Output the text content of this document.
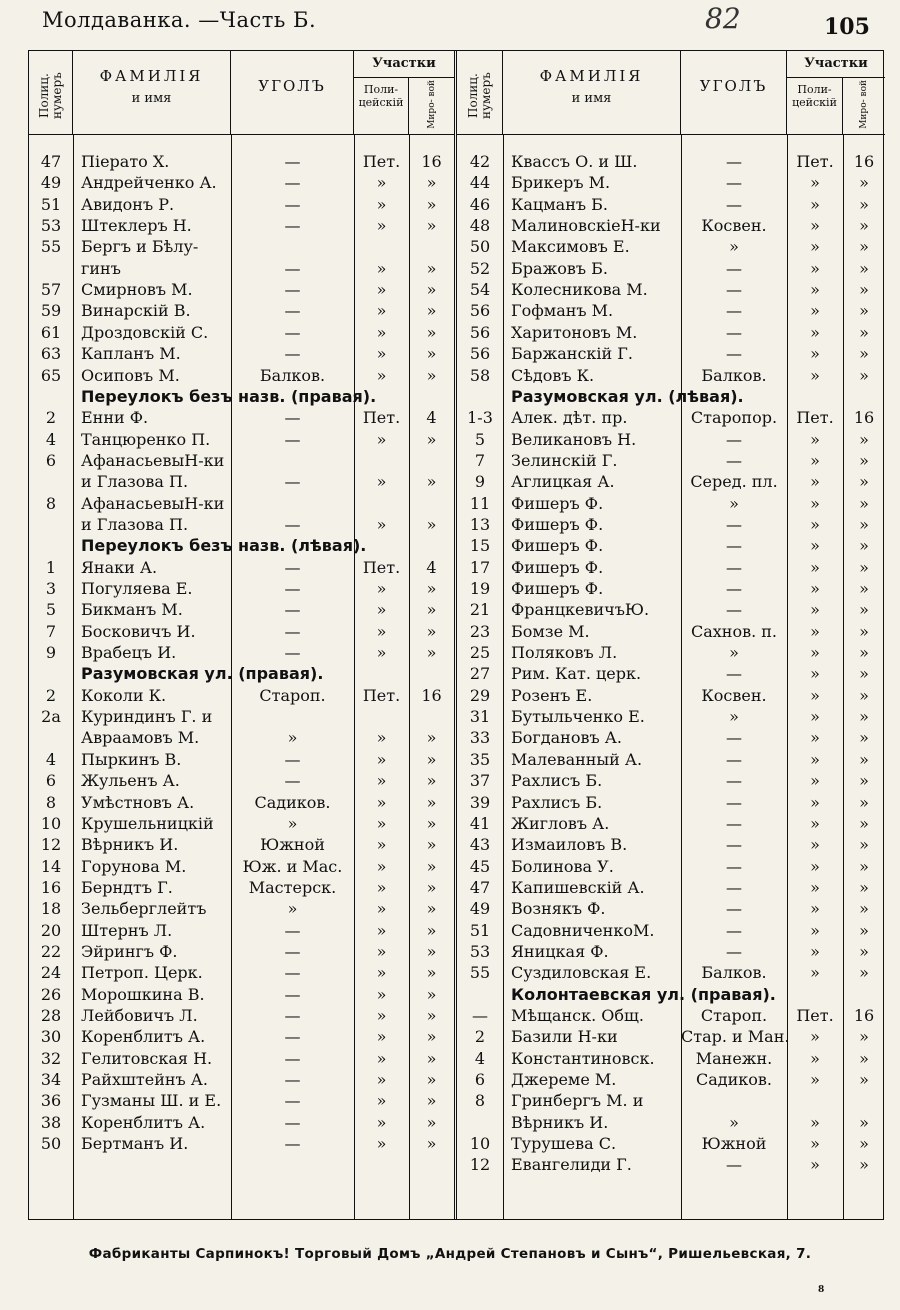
Молдаванка. —Часть Б.	82	105
Полиц. нумеръ	ФАМИЛІЯ
и имя
УГОЛЪ
Участки
Поли- цейскій	Миро- вой
47	Піерато X.	—	Пет.	16
49	Андрейченко А.	—	»	»
51	Авидонъ Р.	—	»	»
53	Штеклеръ Н.	—	»	»
55	Бергъ и Бѣлу-
гинъ	—	»	»
57	Смирновъ М.	—	»	»
59	Винарскій В.	—	»	»
61	Дроздовскій С.	—	»	»
63	Капланъ М.	—	»	»
65	Осиповъ М.	Балков.	»	»
Переулокъ безъ назв. (правая).
2	Енни Ф.	—	Пет.	4
4	Танцюренко П.	—	»	»
6	АфанасьевыН-ки
и Глазова П.	—	»	»
8	АфанасьевыН-ки
и Глазова П.	—	»	»
Переулокъ безъ назв. (лѣвая).
1	Янаки А.	—	Пет.	4
3	Погуляева Е.	—	»	»
5	Бикманъ М.	—	»	»
7	Босковичъ И.	—	»	»
9	Врабецъ И.	—	»	»
Разумовская ул. (правая).
2	Коколи К.	Староп.	Пет.	16
2а	Куриндинъ Г. и
Авраамовъ М.	»	»	»
4	Пыркинъ В.	—	»	»
6	Жульенъ А.	—	»	»
8	Умѣстновъ А.	Садиков.	»	»
10	Крушельницкій	»	»	»
12	Вѣрникъ И.	Южной	»	»
14	Горунова М.	Юж. и Мас.	»	»
16	Берндтъ Г.	Мастерск.	»	»
18	Зельберглейтъ	»	»	»
20	Штернъ Л.	—	»	»
22	Эйрингъ Ф.	—	»	»
24	Петроп. Церк.	—	»	»
26	Морошкина В.	—	»	»
28	Лейбовичъ Л.	—	»	»
30	Коренблитъ А.	—	»	»
32	Гелитовская Н.	—	»	»
34	Райхштейнъ А.	—	»	»
36	Гузманы Ш. и Е.	—	»	»
38	Коренблитъ А.	—	»	»
50	Бертманъ И.	—	»	»
Полиц. нумеръ	ФАМИЛІЯ
и имя
УГОЛЪ
Участки
Поли- цейскій	Миро- вой
42	Квассъ О. и Ш.	—	Пет.	16
44	Брикеръ М.	—	»	»
46	Кацманъ Б.	—	»	»
48	МалиновскіеН-ки	Косвен.	»	»
50	Максимовъ Е.	»	»	»
52	Бражовъ Б.	—	»	»
54	Колесникова М.	—	»	»
56	Гофманъ М.	—	»	»
56	Харитоновъ М.	—	»	»
56	Баржанскій Г.	—	»	»
58	Сѣдовъ К.	Балков.	»	»
Разумовская ул. (лѣвая).
1-3	Алек. дѣт. пр.	Старопор.	Пет.	16
5	Великановъ Н.	—	»	»
7	Зелинскій Г.	—	»	»
9	Аглицкая А.	Серед. пл.	»	»
11	Фишеръ Ф.	»	»	»
13	Фишеръ Ф.	—	»	»
15	Фишеръ Ф.	—	»	»
17	Фишеръ Ф.	—	»	»
19	Фишеръ Ф.	—	»	»
21	ФранцкевичъЮ.	—	»	»
23	Бомзе М.	Сахнов. п.	»	»
25	Поляковъ Л.	»	»	»
27	Рим. Кат. церк.	—	»	»
29	Розенъ Е.	Косвен.	»	»
31	Бутыльченко Е.	»	»	»
33	Богдановъ А.	—	»	»
35	Малеванный А.	—	»	»
37	Рахлисъ Б.	—	»	»
39	Рахлисъ Б.	—	»	»
41	Жигловъ А.	—	»	»
43	Измаиловъ В.	—	»	»
45	Болинова У.	—	»	»
47	Капишевскій А.	—	»	»
49	Вознякъ Ф.	—	»	»
51	СадовниченкоМ.	—	»	»
53	Яницкая Ф.	—	»	»
55	Суздиловская Е.	Балков.	»	»
Колонтаевская ул. (правая).
—	Мѣщанск. Общ.	Староп.	Пет.	16
2	Базили Н-ки	Стар. и Ман.	»	»
4	Константиновск.	Манежн.	»	»
6	Джереме М.	Садиков.	»	»
8	Гринбергъ М. и
Вѣрникъ И.	»	»	»
10	Турушева С.	Южной	»	»
12	Евангелиди Г.	—	»	»
Фабриканты Сарпинокъ! Торговый Домъ „Андрей Степановъ и Сынъ“, Ришельевская, 7.
8
